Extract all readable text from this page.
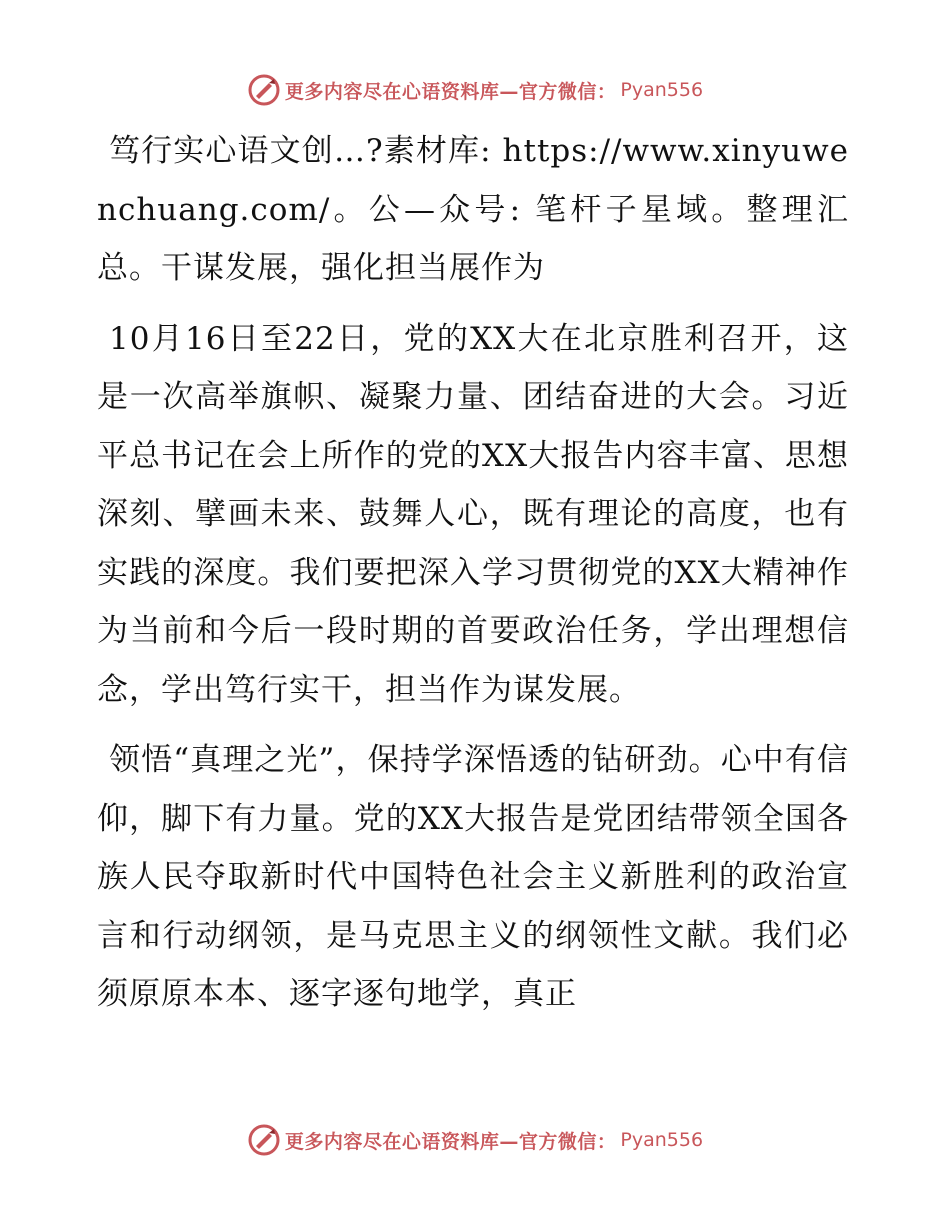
更多内容尽在心语资料库—官方微信： Pyan556

笃行实心语文创…?素材库: https://www.xinyuwenchuang.com/。公—众号: 笔杆子星域。整理汇总。干谋发展，强化担当展作为

10月16日至22日，党的XX大在北京胜利召开，这是一次高举旗帜、凝聚力量、团结奋进的大会。习近平总书记在会上所作的党的XX大报告内容丰富、思想深刻、擘画未来、鼓舞人心，既有理论的高度，也有实践的深度。我们要把深入学习贯彻党的XX大精神作为当前和今后一段时期的首要政治任务，学出理想信念，学出笃行实干，担当作为谋发展。

领悟“真理之光”，保持学深悟透的钻研劲。心中有信仰，脚下有力量。党的XX大报告是党团结带领全国各族人民夺取新时代中国特色社会主义新胜利的政治宣言和行动纲领，是马克思主义的纲领性文献。我们必须原原本本、逐字逐句地学，真正

更多内容尽在心语资料库—官方微信： Pyan556
